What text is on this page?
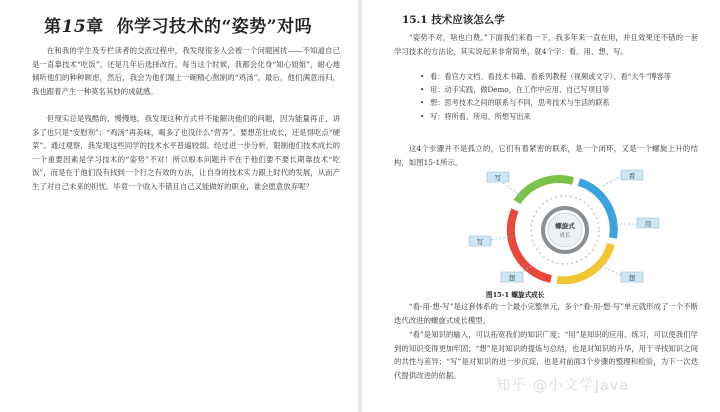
第15章 你学习技术的“姿势”对吗

在和我的学生及专栏读者的交流过程中，我发现很多人会被一个问题困扰——不知道自己是一直靠技术“吃饭”，还是几年后选择改行。每当这个时候，我都会化身“知心姐姐”，耐心地倾听他们的种种顾虑，然后，我会为他们端上一碗精心熬制的“鸡汤”。最后，他们满意而归，我也跟着产生一种莫名其妙的成就感。

但现实总是残酷的，慢慢地，我发现这种方式并不能解决他们的问题，因为能量再正，讲多了也只是“安慰剂”；“鸡汤”再美味，喝多了也没什么“营养”。要想茁壮成长，还是得吃点“硬菜”。通过观察，我发现这些同学的技术水平普遍较弱。经过进一步分析，限制他们技术成长的一个重要因素是学习技术的“姿势”不对！所以根本问题并不在于他们要不要长期靠技术“吃饭”，而是在于他们没有找到一个行之有效的方法，让自身的技术实力跟上时代的发展，从而产生了对自己未来的担忧。毕竟一个收入不错且自己又能做好的职业，谁会愿意放弃呢？

15.1 技术应该怎么学

“姿势不对，啥也白费。”下面我们来看一下，我多年来一直在用，并且效果还不错的一套学习技术的方法论，其实说起来非常简单，就4个字：看、用、想、写。

• 看：看官方文档、看技术书籍、看系列教程（视频或文字）、看“大牛”博客等
• 用：动手实践，做Demo，在工作中应用、自己写项目等
• 想：思考技术之间的联系与不同，思考技术与生活的联系
• 写：将所看、所用、所想写出来

这4个步骤并不是孤立的，它们有着紧密的联系，是一个闭环，又是一个螺旋上升的结构，如图15-1所示。

螺旋式
成长
看
用
想
写
写
想
图15-1 螺旋式成长

“看-用-想-写”是这套体系的一个最小完整单元，多个“看-用-想-写”单元就形成了一个不断迭代改进的螺旋式成长模型。

“看”是知识的输入，可以拓宽我们的知识广度；“用”是知识的应用、练习，可以使我们学到的知识变得更加牢固；“想”是对知识的提炼与总结，也是对知识的升华，用于寻找知识之间的共性与差异；“写”是对知识的进一步沉淀，也是对前面3个步骤的整理和检验，为下一次迭代提供改进的依据。

知乎 @小文学Java
